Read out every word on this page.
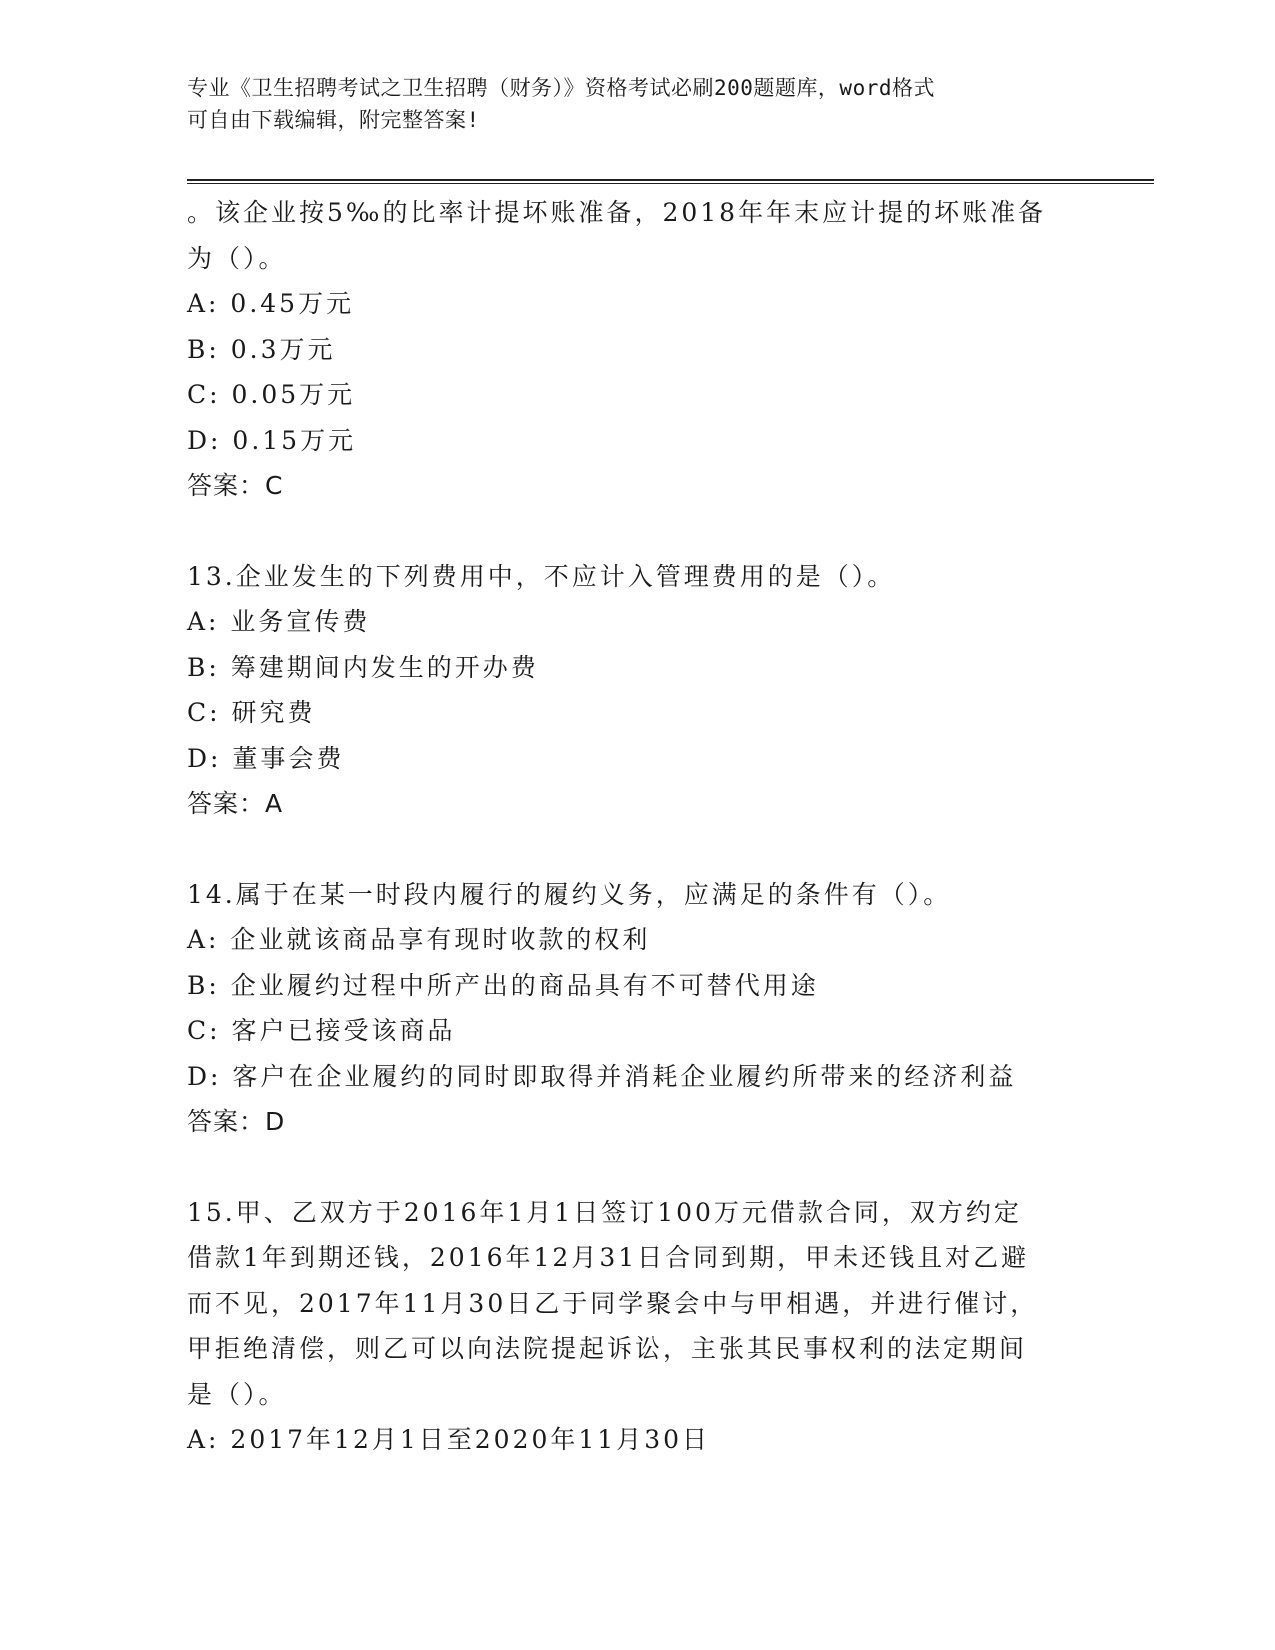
专业《卫生招聘考试之卫生招聘（财务）》资格考试必刷200题题库，word格式
可自由下载编辑，附完整答案!
。该企业按5‰的比率计提坏账准备，2018年年末应计提的坏账准备
为（）。
A: 0.45万元
B: 0.3万元
C: 0.05万元
D: 0.15万元
答案：C
13.企业发生的下列费用中，不应计入管理费用的是（）。
A: 业务宣传费
B: 筹建期间内发生的开办费
C: 研究费
D: 董事会费
答案：A
14.属于在某一时段内履行的履约义务，应满足的条件有（）。
A: 企业就该商品享有现时收款的权利
B: 企业履约过程中所产出的商品具有不可替代用途
C: 客户已接受该商品
D: 客户在企业履约的同时即取得并消耗企业履约所带来的经济利益
答案：D
15.甲、乙双方于2016年1月1日签订100万元借款合同，双方约定
借款1年到期还钱，2016年12月31日合同到期，甲未还钱且对乙避
而不见，2017年11月30日乙于同学聚会中与甲相遇，并进行催讨，
甲拒绝清偿，则乙可以向法院提起诉讼，主张其民事权利的法定期间
是（）。
A: 2017年12月1日至2020年11月30日
